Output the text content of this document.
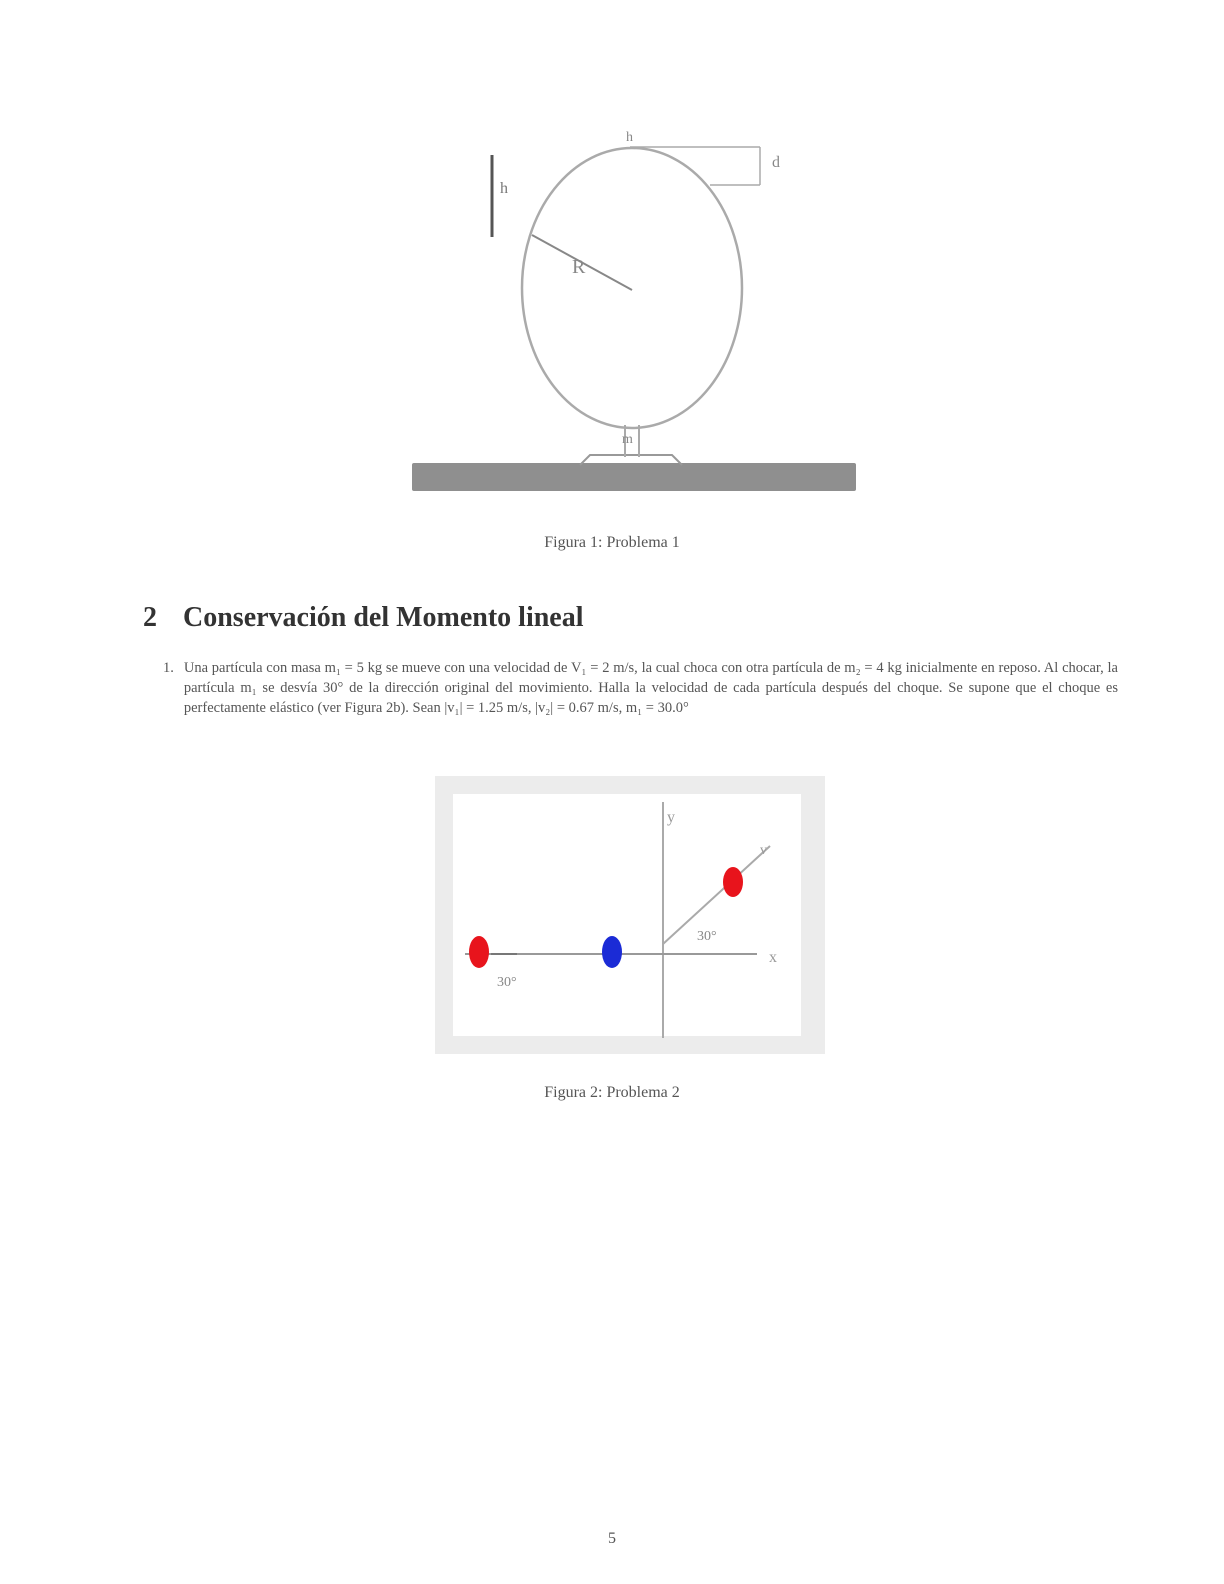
R
h
d
h
m
Figura 1: Problema 1
2 Conservación del Momento lineal
1. Una partícula con masa m₁ = 5 kg se mueve con una velocidad de V₁ = 2 m/s, la cual choca con otra partícula de m₂ = 4 kg inicialmente en reposo. Al chocar, la partícula m₁ se desvía 30° de la dirección original del movimiento. Halla la velocidad de cada partícula después del choque. Se supone que el choque es perfectamente elástico (ver Figura 2b). Sean |v₁| = 1.25 m/s, |v₂| = 0.67 m/s, m₁ = 30.0°
y
x
v
30°
30°
Figura 2: Problema 2
5
